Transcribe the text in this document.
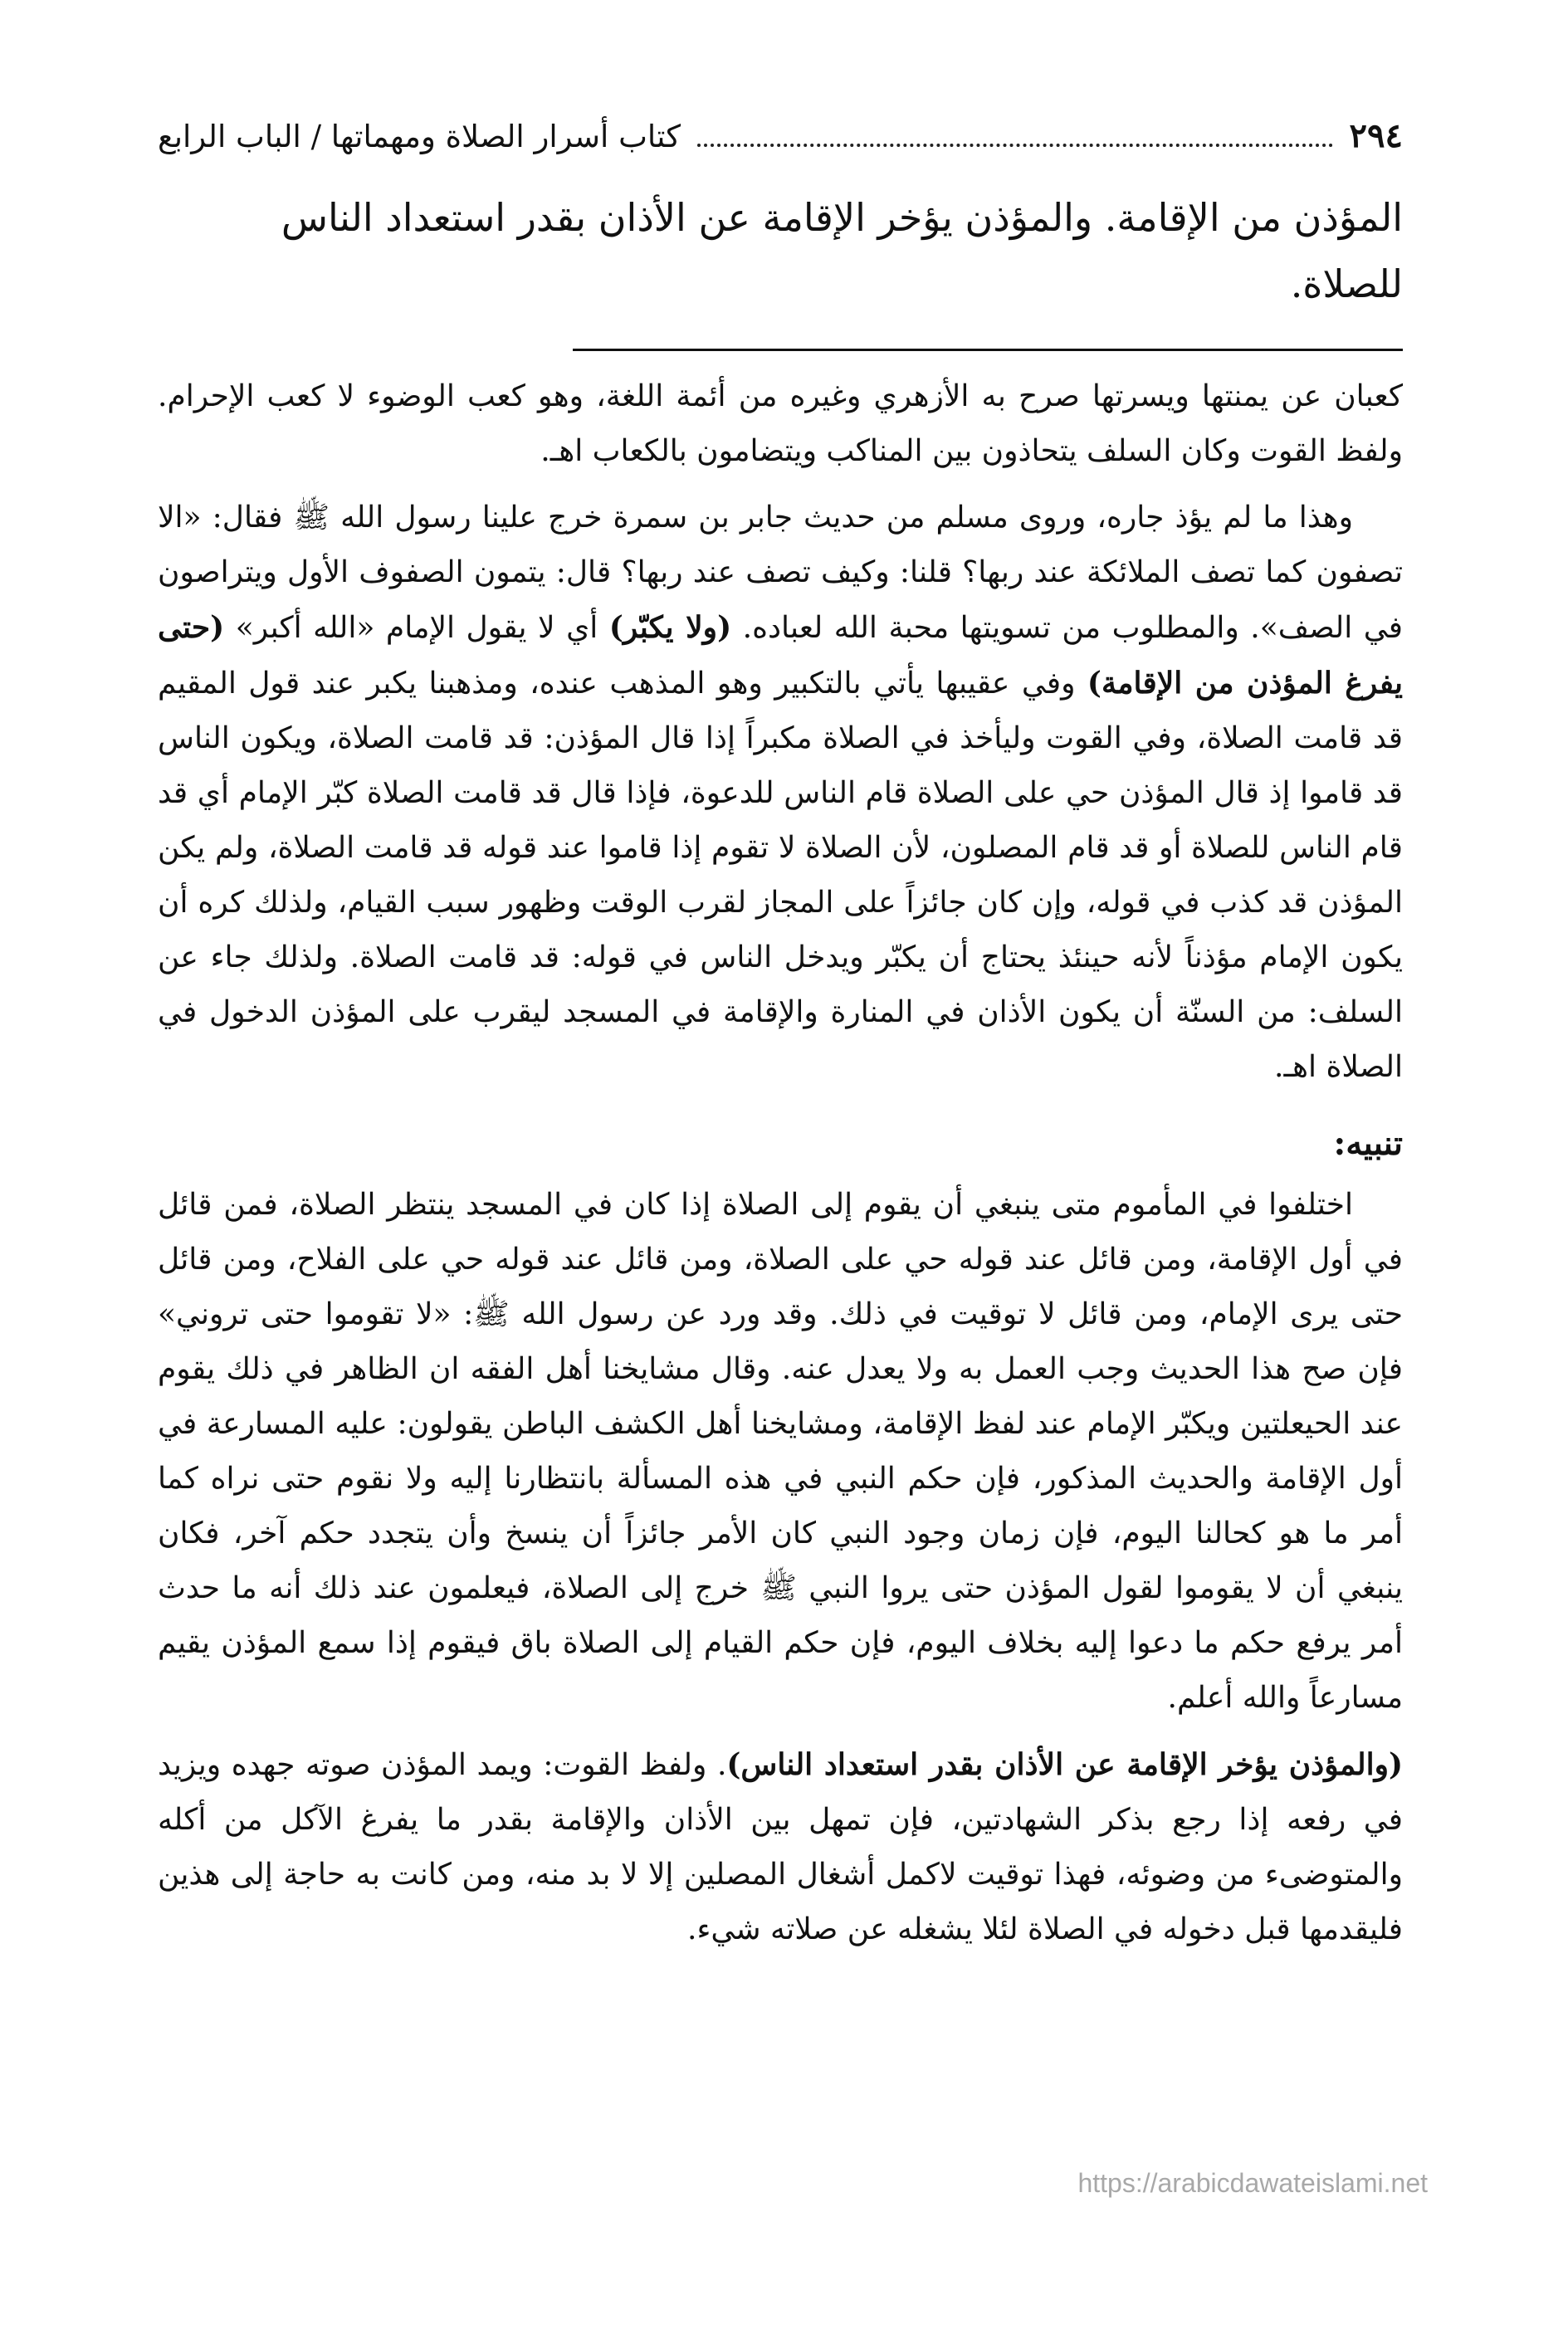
٢٩٤
كتاب أسرار الصلاة ومهماتها / الباب الرابع
المؤذن من الإقامة. والمؤذن يؤخر الإقامة عن الأذان بقدر استعداد الناس للصلاة.

كعبان عن يمنتها ويسرتها صرح به الأزهري وغيره من أئمة اللغة، وهو كعب الوضوء لا كعب الإحرام. ولفظ القوت وكان السلف يتحاذون بين المناكب ويتضامون بالكعاب اهـ.

وهذا ما لم يؤذ جاره، وروى مسلم من حديث جابر بن سمرة خرج علينا رسول الله ﷺ فقال: «الا تصفون كما تصف الملائكة عند ربها؟ قلنا: وكيف تصف عند ربها؟ قال: يتمون الصفوف الأول ويتراصون في الصف». والمطلوب من تسويتها محبة الله لعباده. (ولا يكبّر) أي لا يقول الإمام «الله أكبر» (حتى يفرغ المؤذن من الإقامة) وفي عقيبها يأتي بالتكبير وهو المذهب عنده، ومذهبنا يكبر عند قول المقيم قد قامت الصلاة، وفي القوت وليأخذ في الصلاة مكبراً إذا قال المؤذن: قد قامت الصلاة، ويكون الناس قد قاموا إذ قال المؤذن حي على الصلاة قام الناس للدعوة، فإذا قال قد قامت الصلاة كبّر الإمام أي قد قام الناس للصلاة أو قد قام المصلون، لأن الصلاة لا تقوم إذا قاموا عند قوله قد قامت الصلاة، ولم يكن المؤذن قد كذب في قوله، وإن كان جائزاً على المجاز لقرب الوقت وظهور سبب القيام، ولذلك كره أن يكون الإمام مؤذناً لأنه حينئذ يحتاج أن يكبّر ويدخل الناس في قوله: قد قامت الصلاة. ولذلك جاء عن السلف: من السنّة أن يكون الأذان في المنارة والإقامة في المسجد ليقرب على المؤذن الدخول في الصلاة اهـ.

تنبيه:

اختلفوا في المأموم متى ينبغي أن يقوم إلى الصلاة إذا كان في المسجد ينتظر الصلاة، فمن قائل في أول الإقامة، ومن قائل عند قوله حي على الصلاة، ومن قائل عند قوله حي على الفلاح، ومن قائل حتى يرى الإمام، ومن قائل لا توقيت في ذلك. وقد ورد عن رسول الله ﷺ: «لا تقوموا حتى تروني» فإن صح هذا الحديث وجب العمل به ولا يعدل عنه. وقال مشايخنا أهل الفقه ان الظاهر في ذلك يقوم عند الحيعلتين ويكبّر الإمام عند لفظ الإقامة، ومشايخنا أهل الكشف الباطن يقولون: عليه المسارعة في أول الإقامة والحديث المذكور، فإن حكم النبي في هذه المسألة بانتظارنا إليه ولا نقوم حتى نراه كما أمر ما هو كحالنا اليوم، فإن زمان وجود النبي كان الأمر جائزاً أن ينسخ وأن يتجدد حكم آخر، فكان ينبغي أن لا يقوموا لقول المؤذن حتى يروا النبي ﷺ خرج إلى الصلاة، فيعلمون عند ذلك أنه ما حدث أمر يرفع حكم ما دعوا إليه بخلاف اليوم، فإن حكم القيام إلى الصلاة باق فيقوم إذا سمع المؤذن يقيم مسارعاً والله أعلم.

(والمؤذن يؤخر الإقامة عن الأذان بقدر استعداد الناس). ولفظ القوت: ويمد المؤذن صوته جهده ويزيد في رفعه إذا رجع بذكر الشهادتين، فإن تمهل بين الأذان والإقامة بقدر ما يفرغ الآكل من أكله والمتوضىء من وضوئه، فهذا توقيت لاكمل أشغال المصلين إلا لا بد منه، ومن كانت به حاجة إلى هذين فليقدمها قبل دخوله في الصلاة لئلا يشغله عن صلاته شيء.

https://arabicdawateislami.net
